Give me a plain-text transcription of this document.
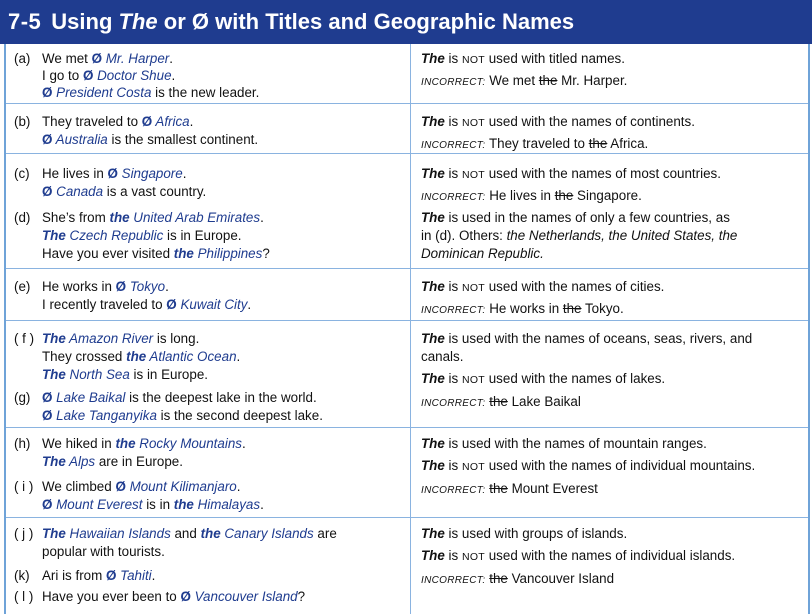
7-5 Using The or Ø with Titles and Geographic Names
(a) We met Ø Mr. Harper.
I go to Ø Doctor Shue.
Ø President Costa is the new leader.
The is NOT used with titled names.
INCORRECT: We met the Mr. Harper.
(b) They traveled to Ø Africa.
Ø Australia is the smallest continent.
The is NOT used with the names of continents.
INCORRECT: They traveled to the Africa.
(c) He lives in Ø Singapore.
Ø Canada is a vast country.
(d) She’s from the United Arab Emirates.
The Czech Republic is in Europe.
Have you ever visited the Philippines?
The is NOT used with the names of most countries.
INCORRECT: He lives in the Singapore.
The is used in the names of only a few countries, as
in (d). Others: the Netherlands, the United States, the
Dominican Republic.
(e) He works in Ø Tokyo.
I recently traveled to Ø Kuwait City.
The is NOT used with the names of cities.
INCORRECT: He works in the Tokyo.
( f ) The Amazon River is long.
They crossed the Atlantic Ocean.
The North Sea is in Europe.
(g) Ø Lake Baikal is the deepest lake in the world.
Ø Lake Tanganyika is the second deepest lake.
The is used with the names of oceans, seas, rivers, and
canals.
The is NOT used with the names of lakes.
INCORRECT: the Lake Baikal
(h) We hiked in the Rocky Mountains.
The Alps are in Europe.
( i ) We climbed Ø Mount Kilimanjaro.
Ø Mount Everest is in the Himalayas.
The is used with the names of mountain ranges.
The is NOT used with the names of individual mountains.
INCORRECT: the Mount Everest
( j ) The Hawaiian Islands and the Canary Islands are
popular with tourists.
(k) Ari is from Ø Tahiti.
( l ) Have you ever been to Ø Vancouver Island?
The is used with groups of islands.
The is NOT used with the names of individual islands.
INCORRECT: the Vancouver Island
